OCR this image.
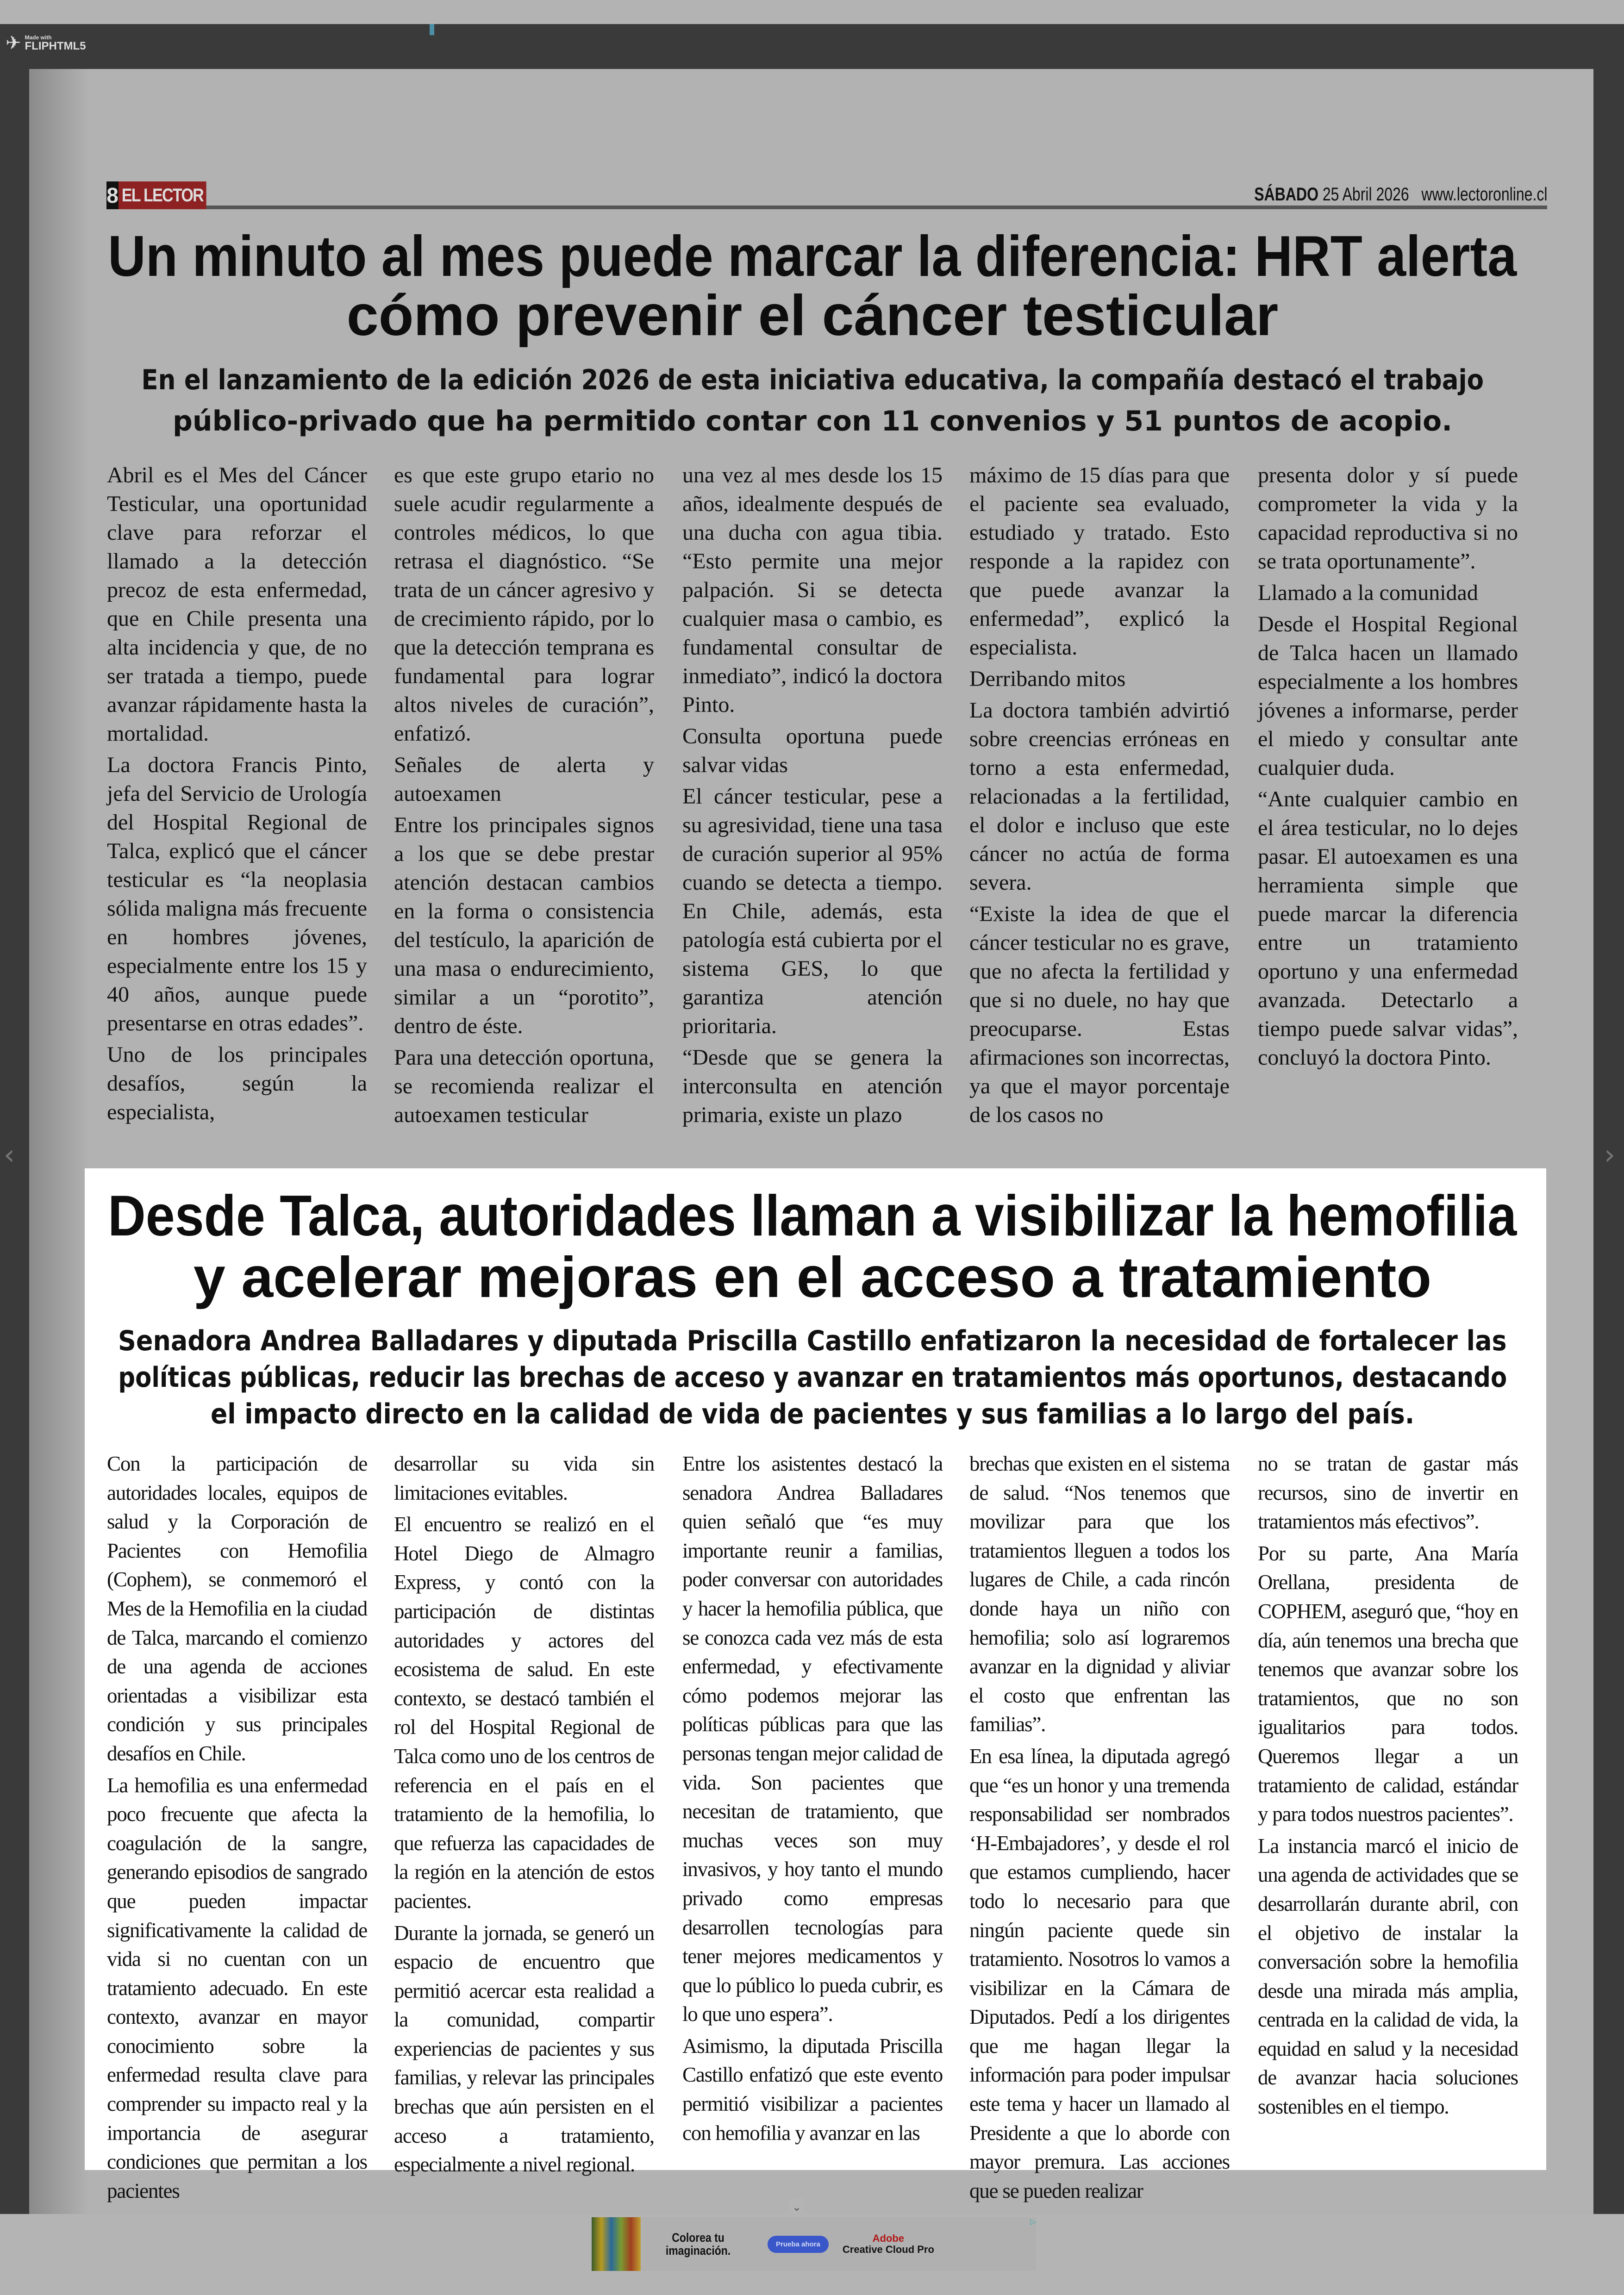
✈ Made with
FLIPHTML5
8 EL LECTOR	SÁBADO 25 Abril 2026 www.lectoronline.cl
Un minuto al mes puede marcar la diferencia: HRT alerta
cómo prevenir el cáncer testicular
En el lanzamiento de la edición 2026 de esta iniciativa educativa, la compañía destacó el trabajo
público-privado que ha permitido contar con 11 convenios y 51 puntos de acopio.

Abril es el Mes del Cáncer Testicular, una oportunidad clave para reforzar el llamado a la detección precoz de esta enfermedad, que en Chile presenta una alta incidencia y que, de no ser tratada a tiempo, puede avanzar rápidamente hasta la mortalidad.

La doctora Francis Pinto, jefa del Servicio de Urología del Hospital Regional de Talca, explicó que el cáncer testicular es “la neoplasia sólida maligna más frecuente en hombres jóvenes, especialmente entre los 15 y 40 años, aunque puede presentarse en otras edades”.

Uno de los principales desafíos, según la especialista,

es que este grupo etario no suele acudir regularmente a controles médicos, lo que retrasa el diagnóstico. “Se trata de un cáncer agresivo y de crecimiento rápido, por lo que la detección temprana es fundamental para lograr altos niveles de curación”, enfatizó.

Señales de alerta y autoexamen

Entre los principales signos a los que se debe prestar atención destacan cambios en la forma o consistencia del testículo, la aparición de una masa o endurecimiento, similar a un “porotito”, dentro de éste.

Para una detección oportuna, se recomienda realizar el autoexamen testicular

una vez al mes desde los 15 años, idealmente después de una ducha con agua tibia. “Esto permite una mejor palpación. Si se detecta cualquier masa o cambio, es fundamental consultar de inmediato”, indicó la doctora Pinto.

Consulta oportuna puede salvar vidas

El cáncer testicular, pese a su agresividad, tiene una tasa de curación superior al 95% cuando se detecta a tiempo. En Chile, además, esta patología está cubierta por el sistema GES, lo que garantiza atención prioritaria.

“Desde que se genera la interconsulta en atención primaria, existe un plazo

máximo de 15 días para que el paciente sea evaluado, estudiado y tratado. Esto responde a la rapidez con que puede avanzar la enfermedad”, explicó la especialista.

Derribando mitos

La doctora también advirtió sobre creencias erróneas en torno a esta enfermedad, relacionadas a la fertilidad, el dolor e incluso que este cáncer no actúa de forma severa.

“Existe la idea de que el cáncer testicular no es grave, que no afecta la fertilidad y que si no duele, no hay que preocuparse. Estas afirmaciones son incorrectas, ya que el mayor porcentaje de los casos no

presenta dolor y sí puede comprometer la vida y la capacidad reproductiva si no se trata oportunamente”.

Llamado a la comunidad

Desde el Hospital Regional de Talca hacen un llamado especialmente a los hombres jóvenes a informarse, perder el miedo y consultar ante cualquier duda.

“Ante cualquier cambio en el área testicular, no lo dejes pasar. El autoexamen es una herramienta simple que puede marcar la diferencia entre un tratamiento oportuno y una enfermedad avanzada. Detectarlo a tiempo puede salvar vidas”, concluyó la doctora Pinto.

Desde Talca, autoridades llaman a visibilizar la hemofilia
y acelerar mejoras en el acceso a tratamiento
Senadora Andrea Balladares y diputada Priscilla Castillo enfatizaron la necesidad de fortalecer las
políticas públicas, reducir las brechas de acceso y avanzar en tratamientos más oportunos, destacando
el impacto directo en la calidad de vida de pacientes y sus familias a lo largo del país.

Con la participación de autoridades locales, equipos de salud y la Corporación de Pacientes con Hemofilia (Cophem), se conmemoró el Mes de la Hemofilia en la ciudad de Talca, marcando el comienzo de una agenda de acciones orientadas a visibilizar esta condición y sus principales desafíos en Chile.

La hemofilia es una enfermedad poco frecuente que afecta la coagulación de la sangre, generando episodios de sangrado que pueden impactar significativamente la calidad de vida si no cuentan con un tratamiento adecuado. En este contexto, avanzar en mayor conocimiento sobre la enfermedad resulta clave para comprender su impacto real y la importancia de asegurar condiciones que permitan a los pacientes

desarrollar su vida sin limitaciones evitables.

El encuentro se realizó en el Hotel Diego de Almagro Express, y contó con la participación de distintas autoridades y actores del ecosistema de salud. En este contexto, se destacó también el rol del Hospital Regional de Talca como uno de los centros de referencia en el país en el tratamiento de la hemofilia, lo que refuerza las capacidades de la región en la atención de estos pacientes.

Durante la jornada, se generó un espacio de encuentro que permitió acercar esta realidad a la comunidad, compartir experiencias de pacientes y sus familias, y relevar las principales brechas que aún persisten en el acceso a tratamiento, especialmente a nivel regional.

Entre los asistentes destacó la senadora Andrea Balladares quien señaló que “es muy importante reunir a familias, poder conversar con autoridades y hacer la hemofilia pública, que se conozca cada vez más de esta enfermedad, y efectivamente cómo podemos mejorar las políticas públicas para que las personas tengan mejor calidad de vida. Son pacientes que necesitan de tratamiento, que muchas veces son muy invasivos, y hoy tanto el mundo privado como empresas desarrollen tecnologías para tener mejores medicamentos y que lo público lo pueda cubrir, es lo que uno espera”.

Asimismo, la diputada Priscilla Castillo enfatizó que este evento permitió visibilizar a pacientes con hemofilia y avanzar en las

brechas que existen en el sistema de salud. “Nos tenemos que movilizar para que los tratamientos lleguen a todos los lugares de Chile, a cada rincón donde haya un niño con hemofilia; solo así lograremos avanzar en la dignidad y aliviar el costo que enfrentan las familias”.

En esa línea, la diputada agregó que “es un honor y una tremenda responsabilidad ser nombrados ‘H-Embajadores’, y desde el rol que estamos cumpliendo, hacer todo lo necesario para que ningún paciente quede sin tratamiento. Nosotros lo vamos a visibilizar en la Cámara de Diputados. Pedí a los dirigentes que me hagan llegar la información para poder impulsar este tema y hacer un llamado al Presidente a que lo aborde con mayor premura. Las acciones que se pueden realizar

no se tratan de gastar más recursos, sino de invertir en tratamientos más efectivos”.

Por su parte, Ana María Orellana, presidenta de COPHEM, aseguró que, “hoy en día, aún tenemos una brecha que tenemos que avanzar sobre los tratamientos, que no son igualitarios para todos. Queremos llegar a un tratamiento de calidad, estándar y para todos nuestros pacientes”.

La instancia marcó el inicio de una agenda de actividades que se desarrollarán durante abril, con el objetivo de instalar la conversación sobre la hemofilia desde una mirada más amplia, centrada en la calidad de vida, la equidad en salud y la necesidad de avanzar hacia soluciones sostenibles en el tiempo.

‹	›
⌄
Colorea tu imaginación.	Prueba ahora
Adobe
Creative Cloud Pro
▷
